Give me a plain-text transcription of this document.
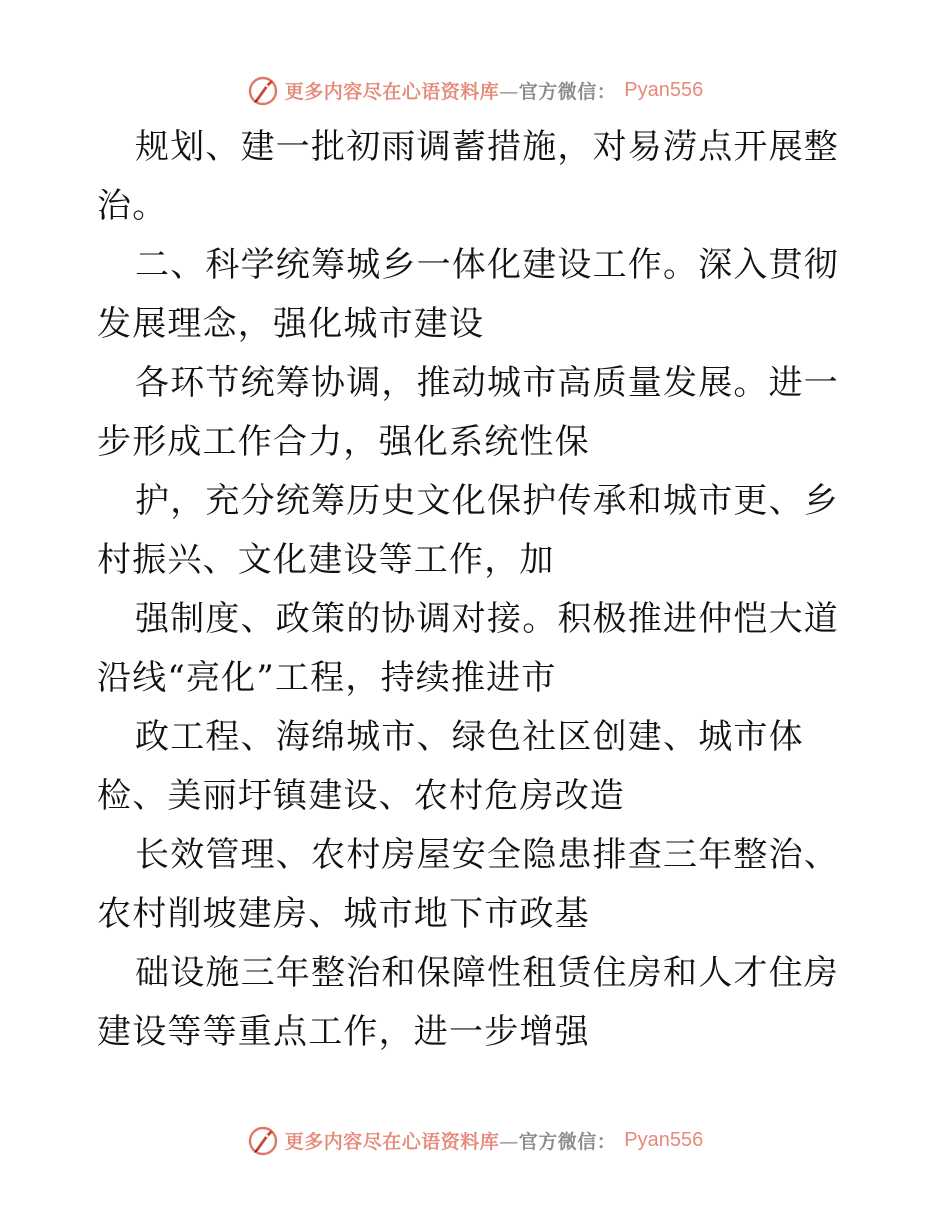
更多内容尽在心语资料库—官方微信： Pyan556

规划、建一批初雨调蓄措施，对易涝点开展整治。

二、科学统筹城乡一体化建设工作。深入贯彻发展理念，强化城市建设

各环节统筹协调，推动城市高质量发展。进一步形成工作合力，强化系统性保

护，充分统筹历史文化保护传承和城市更、乡村振兴、文化建设等工作，加

强制度、政策的协调对接。积极推进仲恺大道沿线“亮化”工程，持续推进市

政工程、海绵城市、绿色社区创建、城市体检、美丽圩镇建设、农村危房改造

长效管理、农村房屋安全隐患排查三年整治、农村削坡建房、城市地下市政基

础设施三年整治和保障性租赁住房和人才住房建设等等重点工作，进一步增强

更多内容尽在心语资料库—官方微信： Pyan556
